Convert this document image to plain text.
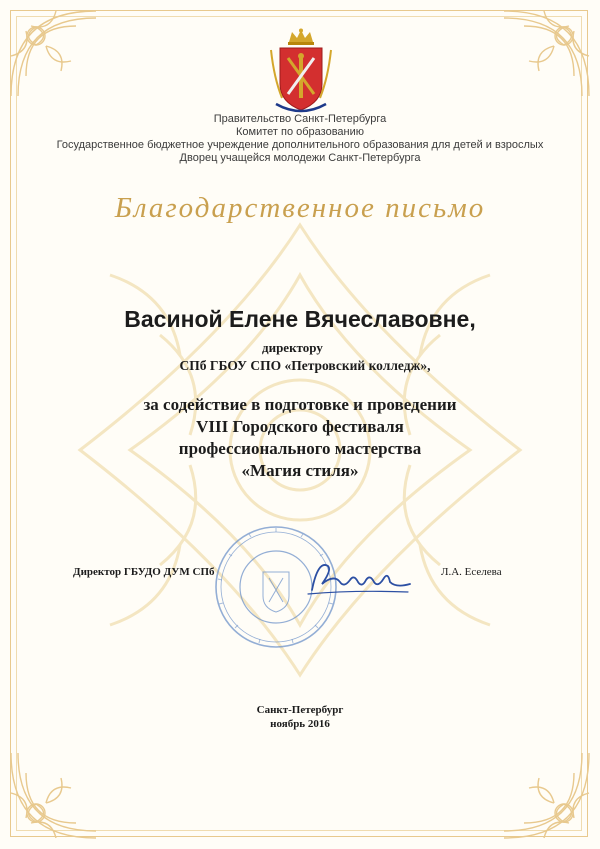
Правительство Санкт-Петербурга
Комитет по образованию
Государственное бюджетное учреждение дополнительного образования для детей и взрослых
Дворец учащейся молодежи Санкт-Петербурга
Благодарственное письмо
Васиной Елене Вячеславовне,
директору
СПб ГБОУ СПО «Петровский колледж»,
за содействие в подготовке и проведении
VIII Городского фестиваля
профессионального мастерства
«Магия стиля»
Директор ГБУДО ДУМ СПб	Л.А. Еселева
Санкт-Петербург
ноябрь 2016
